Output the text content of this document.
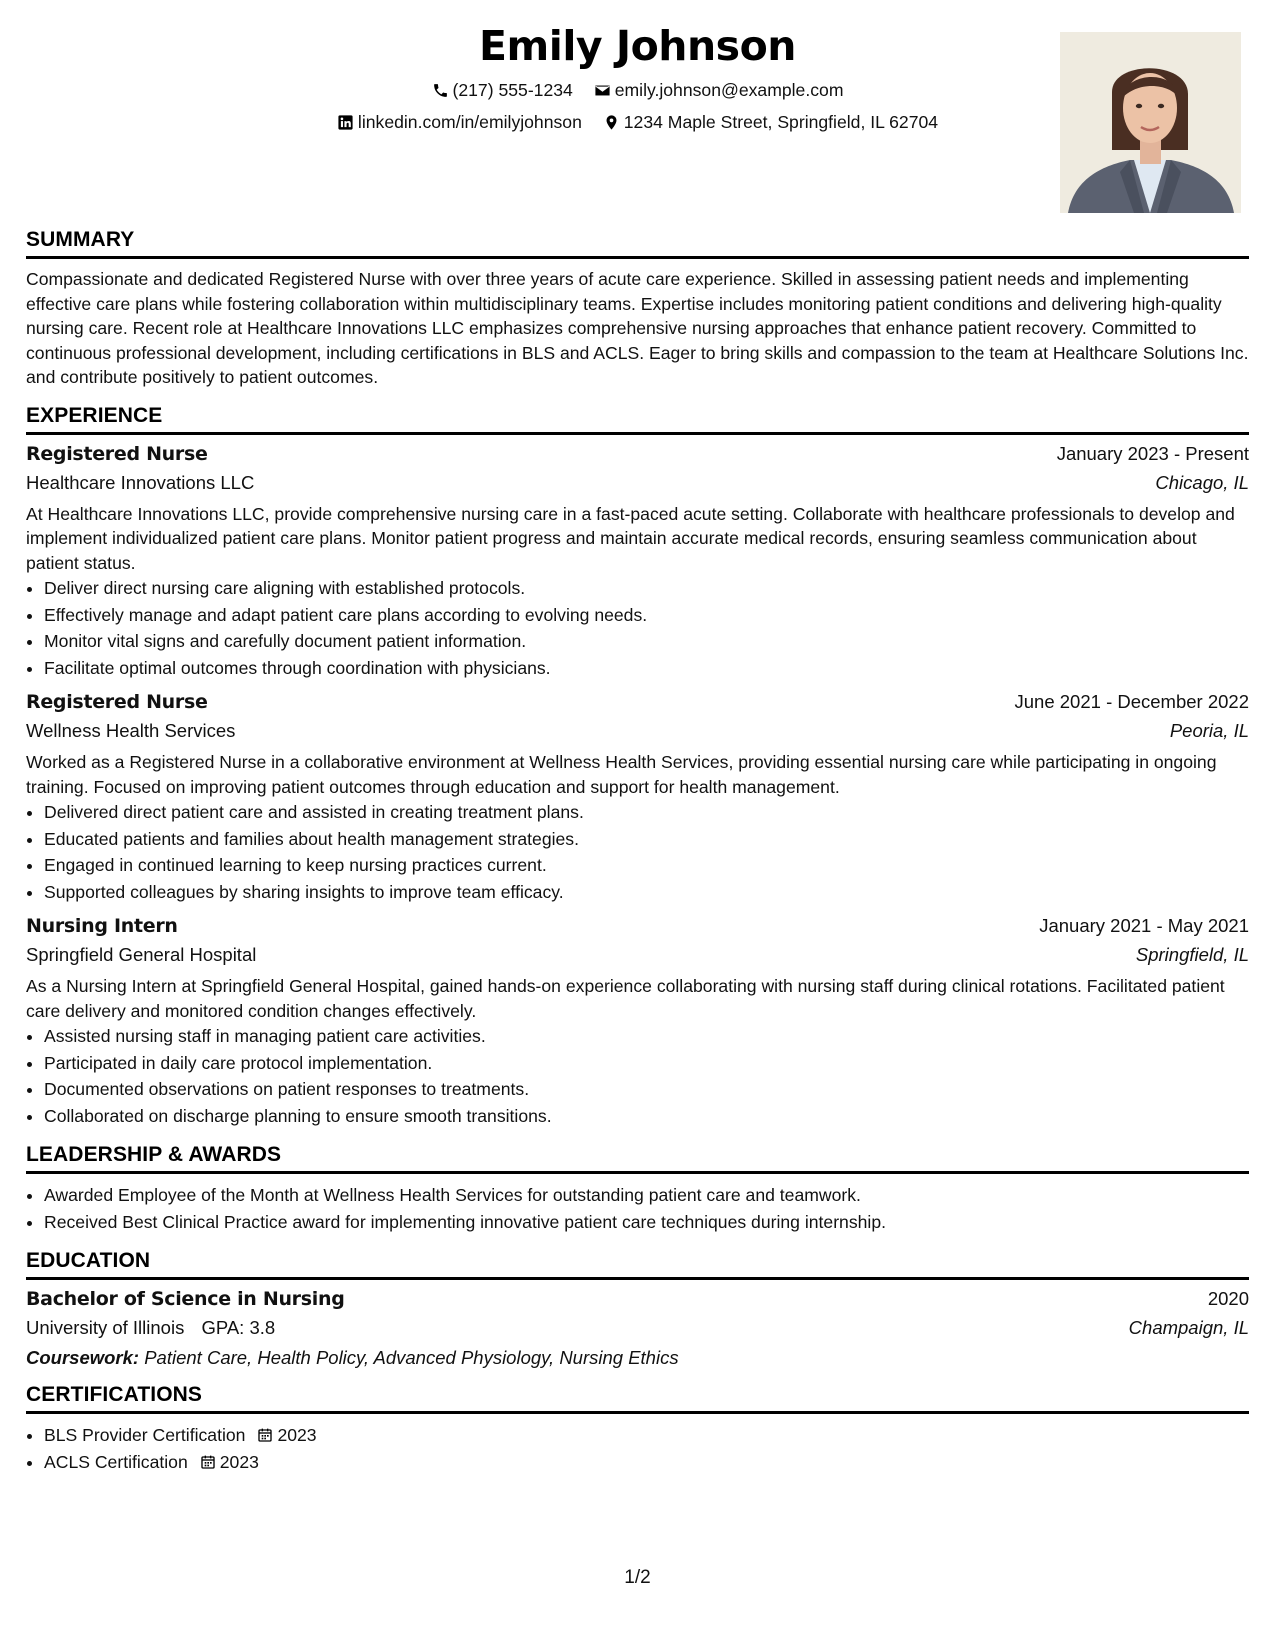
Emily Johnson
(217) 555-1234
emily.johnson@example.com
linkedin.com/in/emilyjohnson
1234 Maple Street, Springfield, IL 62704
SUMMARY
Compassionate and dedicated Registered Nurse with over three years of acute care experience. Skilled in assessing patient needs and implementing effective care plans while fostering collaboration within multidisciplinary teams. Expertise includes monitoring patient conditions and delivering high-quality nursing care. Recent role at Healthcare Innovations LLC emphasizes comprehensive nursing approaches that enhance patient recovery. Committed to continuous professional development, including certifications in BLS and ACLS. Eager to bring skills and compassion to the team at Healthcare Solutions Inc. and contribute positively to patient outcomes.
EXPERIENCE
Registered Nurse	January 2023 - Present
Healthcare Innovations LLC	Chicago, IL
At Healthcare Innovations LLC, provide comprehensive nursing care in a fast-paced acute setting. Collaborate with healthcare professionals to develop and implement individualized patient care plans. Monitor patient progress and maintain accurate medical records, ensuring seamless communication about patient status.
• Deliver direct nursing care aligning with established protocols.
• Effectively manage and adapt patient care plans according to evolving needs.
• Monitor vital signs and carefully document patient information.
• Facilitate optimal outcomes through coordination with physicians.
Registered Nurse	June 2021 - December 2022
Wellness Health Services	Peoria, IL
Worked as a Registered Nurse in a collaborative environment at Wellness Health Services, providing essential nursing care while participating in ongoing training. Focused on improving patient outcomes through education and support for health management.
• Delivered direct patient care and assisted in creating treatment plans.
• Educated patients and families about health management strategies.
• Engaged in continued learning to keep nursing practices current.
• Supported colleagues by sharing insights to improve team efficacy.
Nursing Intern	January 2021 - May 2021
Springfield General Hospital	Springfield, IL
As a Nursing Intern at Springfield General Hospital, gained hands-on experience collaborating with nursing staff during clinical rotations. Facilitated patient care delivery and monitored condition changes effectively.
• Assisted nursing staff in managing patient care activities.
• Participated in daily care protocol implementation.
• Documented observations on patient responses to treatments.
• Collaborated on discharge planning to ensure smooth transitions.
LEADERSHIP & AWARDS
• Awarded Employee of the Month at Wellness Health Services for outstanding patient care and teamwork.
• Received Best Clinical Practice award for implementing innovative patient care techniques during internship.
EDUCATION
Bachelor of Science in Nursing	2020
University of Illinois GPA: 3.8	Champaign, IL
Coursework: Patient Care, Health Policy, Advanced Physiology, Nursing Ethics
CERTIFICATIONS
• BLS Provider Certification 2023
• ACLS Certification 2023
1/2
